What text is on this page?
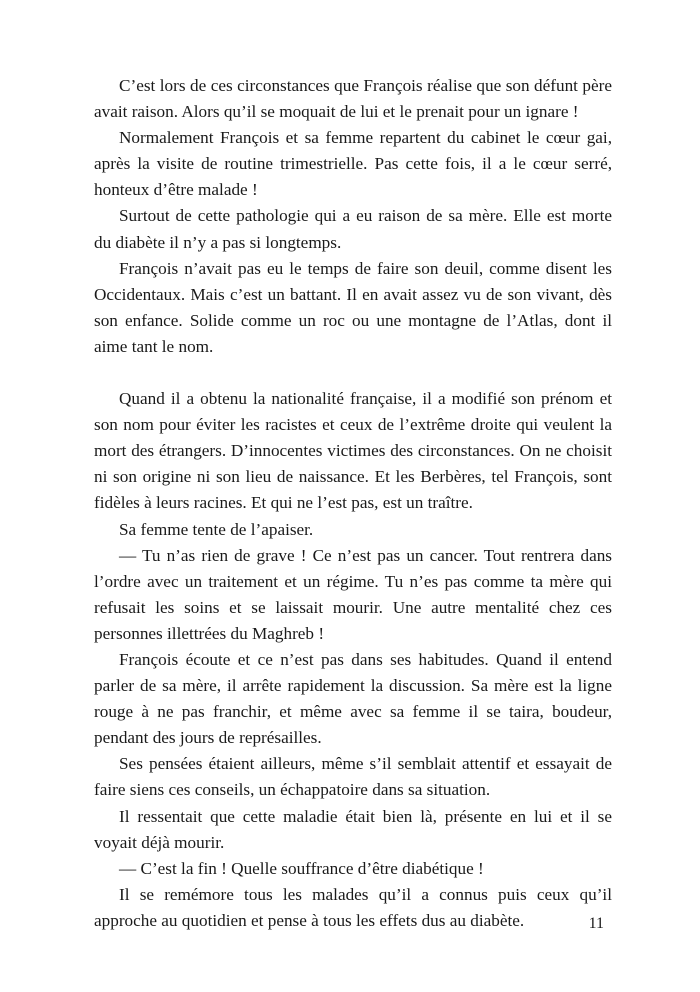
C’est lors de ces circonstances que François réalise que son défunt père avait raison. Alors qu’il se moquait de lui et le prenait pour un ignare !

Normalement François et sa femme repartent du cabinet le cœur gai, après la visite de routine trimestrielle. Pas cette fois, il a le cœur serré, honteux d’être malade !

Surtout de cette pathologie qui a eu raison de sa mère. Elle est morte du diabète il n’y a pas si longtemps.

François n’avait pas eu le temps de faire son deuil, comme disent les Occidentaux. Mais c’est un battant. Il en avait assez vu de son vivant, dès son enfance. Solide comme un roc ou une montagne de l’Atlas, dont il aime tant le nom.

Quand il a obtenu la nationalité française, il a modifié son prénom et son nom pour éviter les racistes et ceux de l’extrême droite qui veulent la mort des étrangers. D’innocentes victimes des circonstances. On ne choisit ni son origine ni son lieu de naissance. Et les Berbères, tel François, sont fidèles à leurs racines. Et qui ne l’est pas, est un traître.

Sa femme tente de l’apaiser.

— Tu n’as rien de grave ! Ce n’est pas un cancer. Tout rentrera dans l’ordre avec un traitement et un régime. Tu n’es pas comme ta mère qui refusait les soins et se laissait mourir. Une autre mentalité chez ces personnes illettrées du Maghreb !

François écoute et ce n’est pas dans ses habitudes. Quand il entend parler de sa mère, il arrête rapidement la discussion. Sa mère est la ligne rouge à ne pas franchir, et même avec sa femme il se taira, boudeur, pendant des jours de représailles.

Ses pensées étaient ailleurs, même s’il semblait attentif et essayait de faire siens ces conseils, un échappatoire dans sa situation.

Il ressentait que cette maladie était bien là, présente en lui et il se voyait déjà mourir.

— C’est la fin ! Quelle souffrance d’être diabétique !

Il se remémore tous les malades qu’il a connus puis ceux qu’il approche au quotidien et pense à tous les effets dus au diabète.	11
